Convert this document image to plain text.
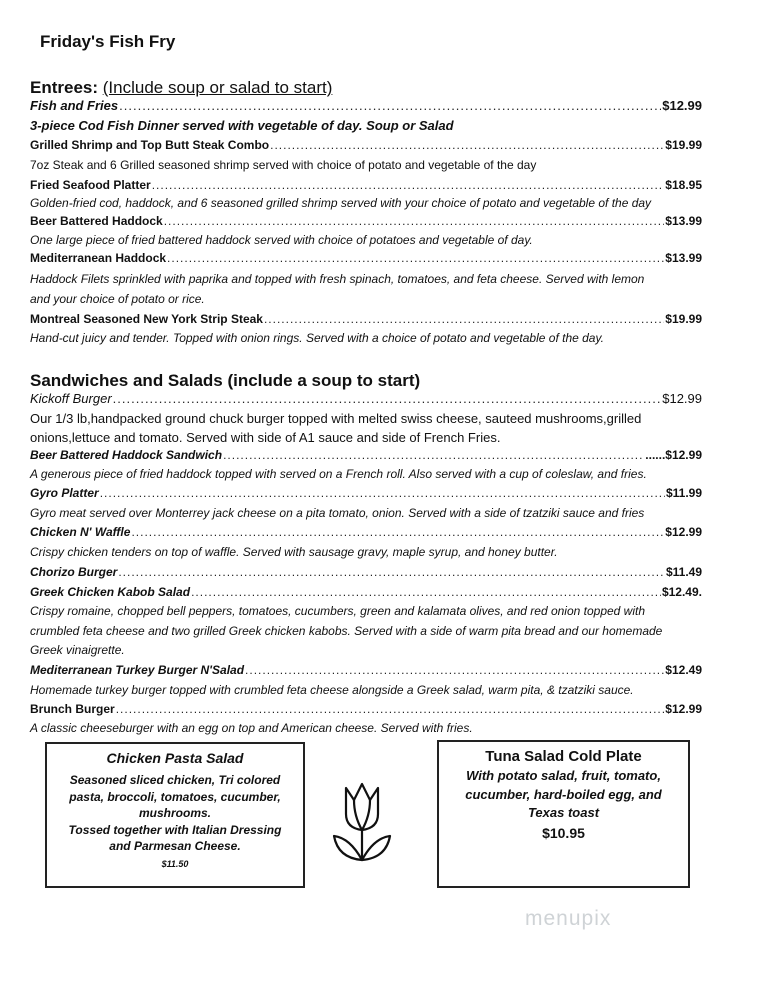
Friday's Fish Fry
Entrees: (Include soup or salad to start)
Fish and Fries .....	$12.99
3-piece Cod Fish Dinner served with vegetable of day. Soup or Salad
Grilled Shrimp and Top Butt Steak Combo .....	$19.99
7oz Steak and 6 Grilled seasoned shrimp served with choice of potato and vegetable of the day
Fried Seafood Platter .....	$18.95
Golden-fried cod, haddock, and 6 seasoned grilled shrimp served with your choice of potato and vegetable of the day
Beer Battered Haddock .....	$13.99
One large piece of fried battered haddock served with choice of potatoes and vegetable of day.
Mediterranean Haddock .....	$13.99
Haddock Filets sprinkled with paprika and topped with fresh spinach, tomatoes, and feta cheese. Served with lemon
and your choice of potato or rice.
Montreal Seasoned New York Strip Steak .....	$19.99
Hand-cut juicy and tender. Topped with onion rings. Served with a choice of potato and vegetable of the day.
Sandwiches and Salads (include a soup to start)
Kickoff Burger .....	$12.99
Our 1/3 lb,handpacked ground chuck burger topped with melted swiss cheese, sauteed mushrooms,grilled
onions,lettuce and tomato. Served with side of A1 sauce and side of French Fries.
Beer Battered Haddock Sandwich .....	......$12.99
A generous piece of fried haddock topped with served on a French roll. Also served with a cup of coleslaw, and fries.
Gyro Platter .....	$11.99
Gyro meat served over Monterrey jack cheese on a pita tomato, onion. Served with a side of tzatziki sauce and fries
Chicken N' Waffle .....	$12.99
Crispy chicken tenders on top of waffle. Served with sausage gravy, maple syrup, and honey butter.
Chorizo Burger .....	$11.49
Greek Chicken Kabob Salad .....	$12.49.
Crispy romaine, chopped bell peppers, tomatoes, cucumbers, green and kalamata olives, and red onion topped with
crumbled feta cheese and two grilled Greek chicken kabobs. Served with a side of warm pita bread and our homemade
Greek vinaigrette.
Mediterranean Turkey Burger N'Salad .....	$12.49
Homemade turkey burger topped with crumbled feta cheese alongside a Greek salad, warm pita, & tzatziki sauce.
Brunch Burger .....	$12.99
A classic cheeseburger with an egg on top and American cheese. Served with fries.
Chicken Pasta Salad
Seasoned sliced chicken, Tri colored
pasta, broccoli, tomatoes, cucumber,
mushrooms.
Tossed together with Italian Dressing
and Parmesan Cheese.
$11.50
Tuna Salad Cold Plate
With potato salad, fruit, tomato,
cucumber, hard-boiled egg, and
Texas toast
$10.95
menupix
